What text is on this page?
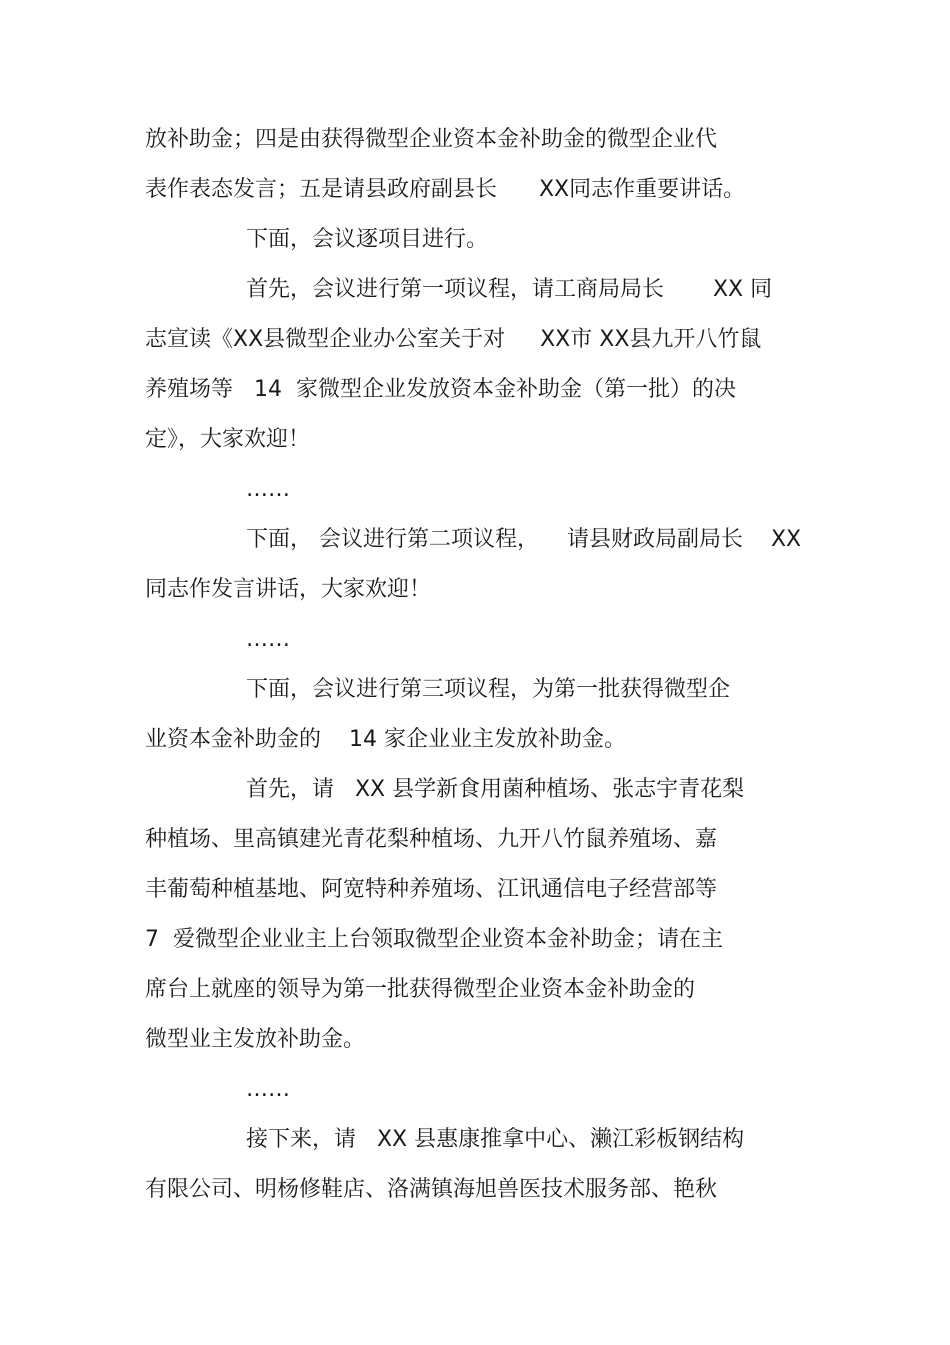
放补助金；四是由获得微型企业资本金补助金的微型企业代
表作表态发言；五是请县政府副县长      XX同志作重要讲话。
下面，会议逐项目进行。
首先，会议进行第一项议程，请工商局局长       XX 同
志宣读《XX县微型企业办公室关于对     XX市 XX县九开八竹鼠
养殖场等   14  家微型企业发放资本金补助金（第一批）的决
定》，大家欢迎！
……
下面， 会议进行第二项议程，    请县财政局副局长    XX
同志作发言讲话，大家欢迎！
……
下面，会议进行第三项议程，为第一批获得微型企
业资本金补助金的    14 家企业业主发放补助金。
首先，请   XX 县学新食用菌种植场、张志宇青花梨
种植场、里高镇建光青花梨种植场、九开八竹鼠养殖场、嘉
丰葡萄种植基地、阿宽特种养殖场、江讯通信电子经营部等
7  爱微型企业业主上台领取微型企业资本金补助金；请在主
席台上就座的领导为第一批获得微型企业资本金补助金的
微型业主发放补助金。
……
接下来，请   XX 县惠康推拿中心、濑江彩板钢结构
有限公司、明杨修鞋店、洛满镇海旭兽医技术服务部、艳秋
